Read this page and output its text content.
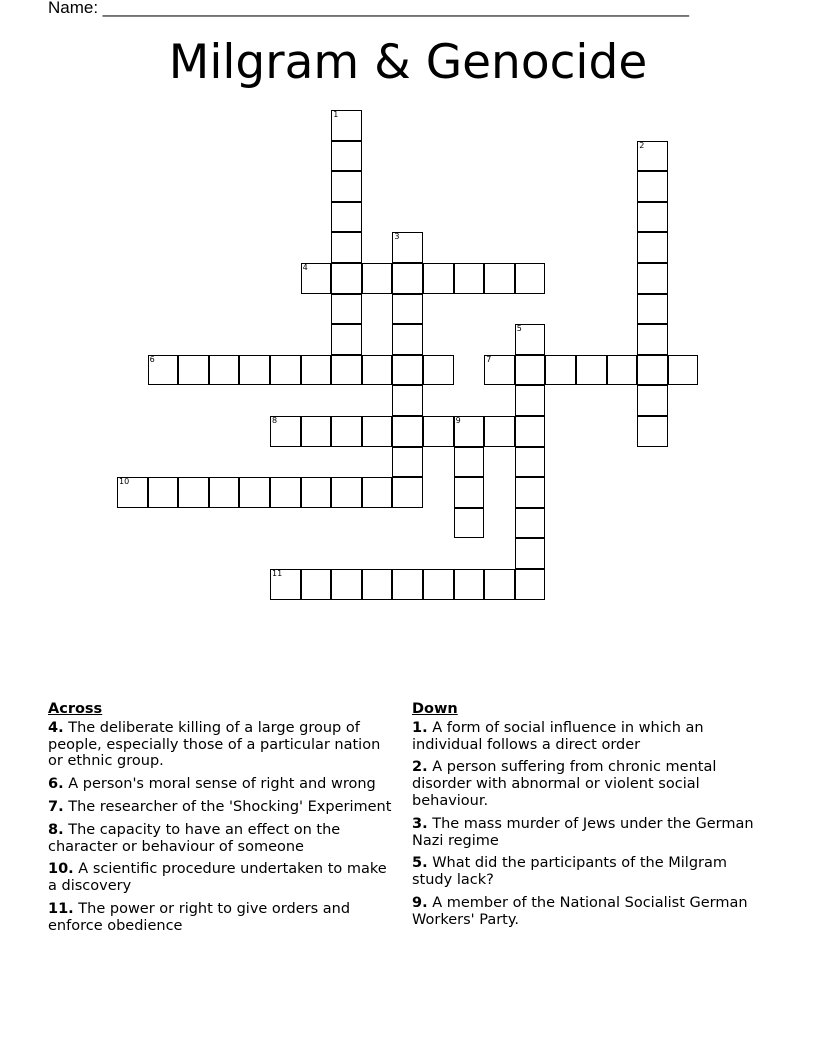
Name: ______________________________________________________________
Milgram & Genocide
1
2
3
4
5
6	7
8	9
10
11
Across
4. The deliberate killing of a large group of people, especially those of a particular nation or ethnic group.
6. A person's moral sense of right and wrong
7. The researcher of the 'Shocking' Experiment
8. The capacity to have an effect on the character or behaviour of someone
10. A scientific procedure undertaken to make a discovery
11. The power or right to give orders and enforce obedience
Down
1. A form of social influence in which an individual follows a direct order
2. A person suffering from chronic mental disorder with abnormal or violent social behaviour.
3. The mass murder of Jews under the German Nazi regime
5. What did the participants of the Milgram study lack?
9. A member of the National Socialist German Workers' Party.
